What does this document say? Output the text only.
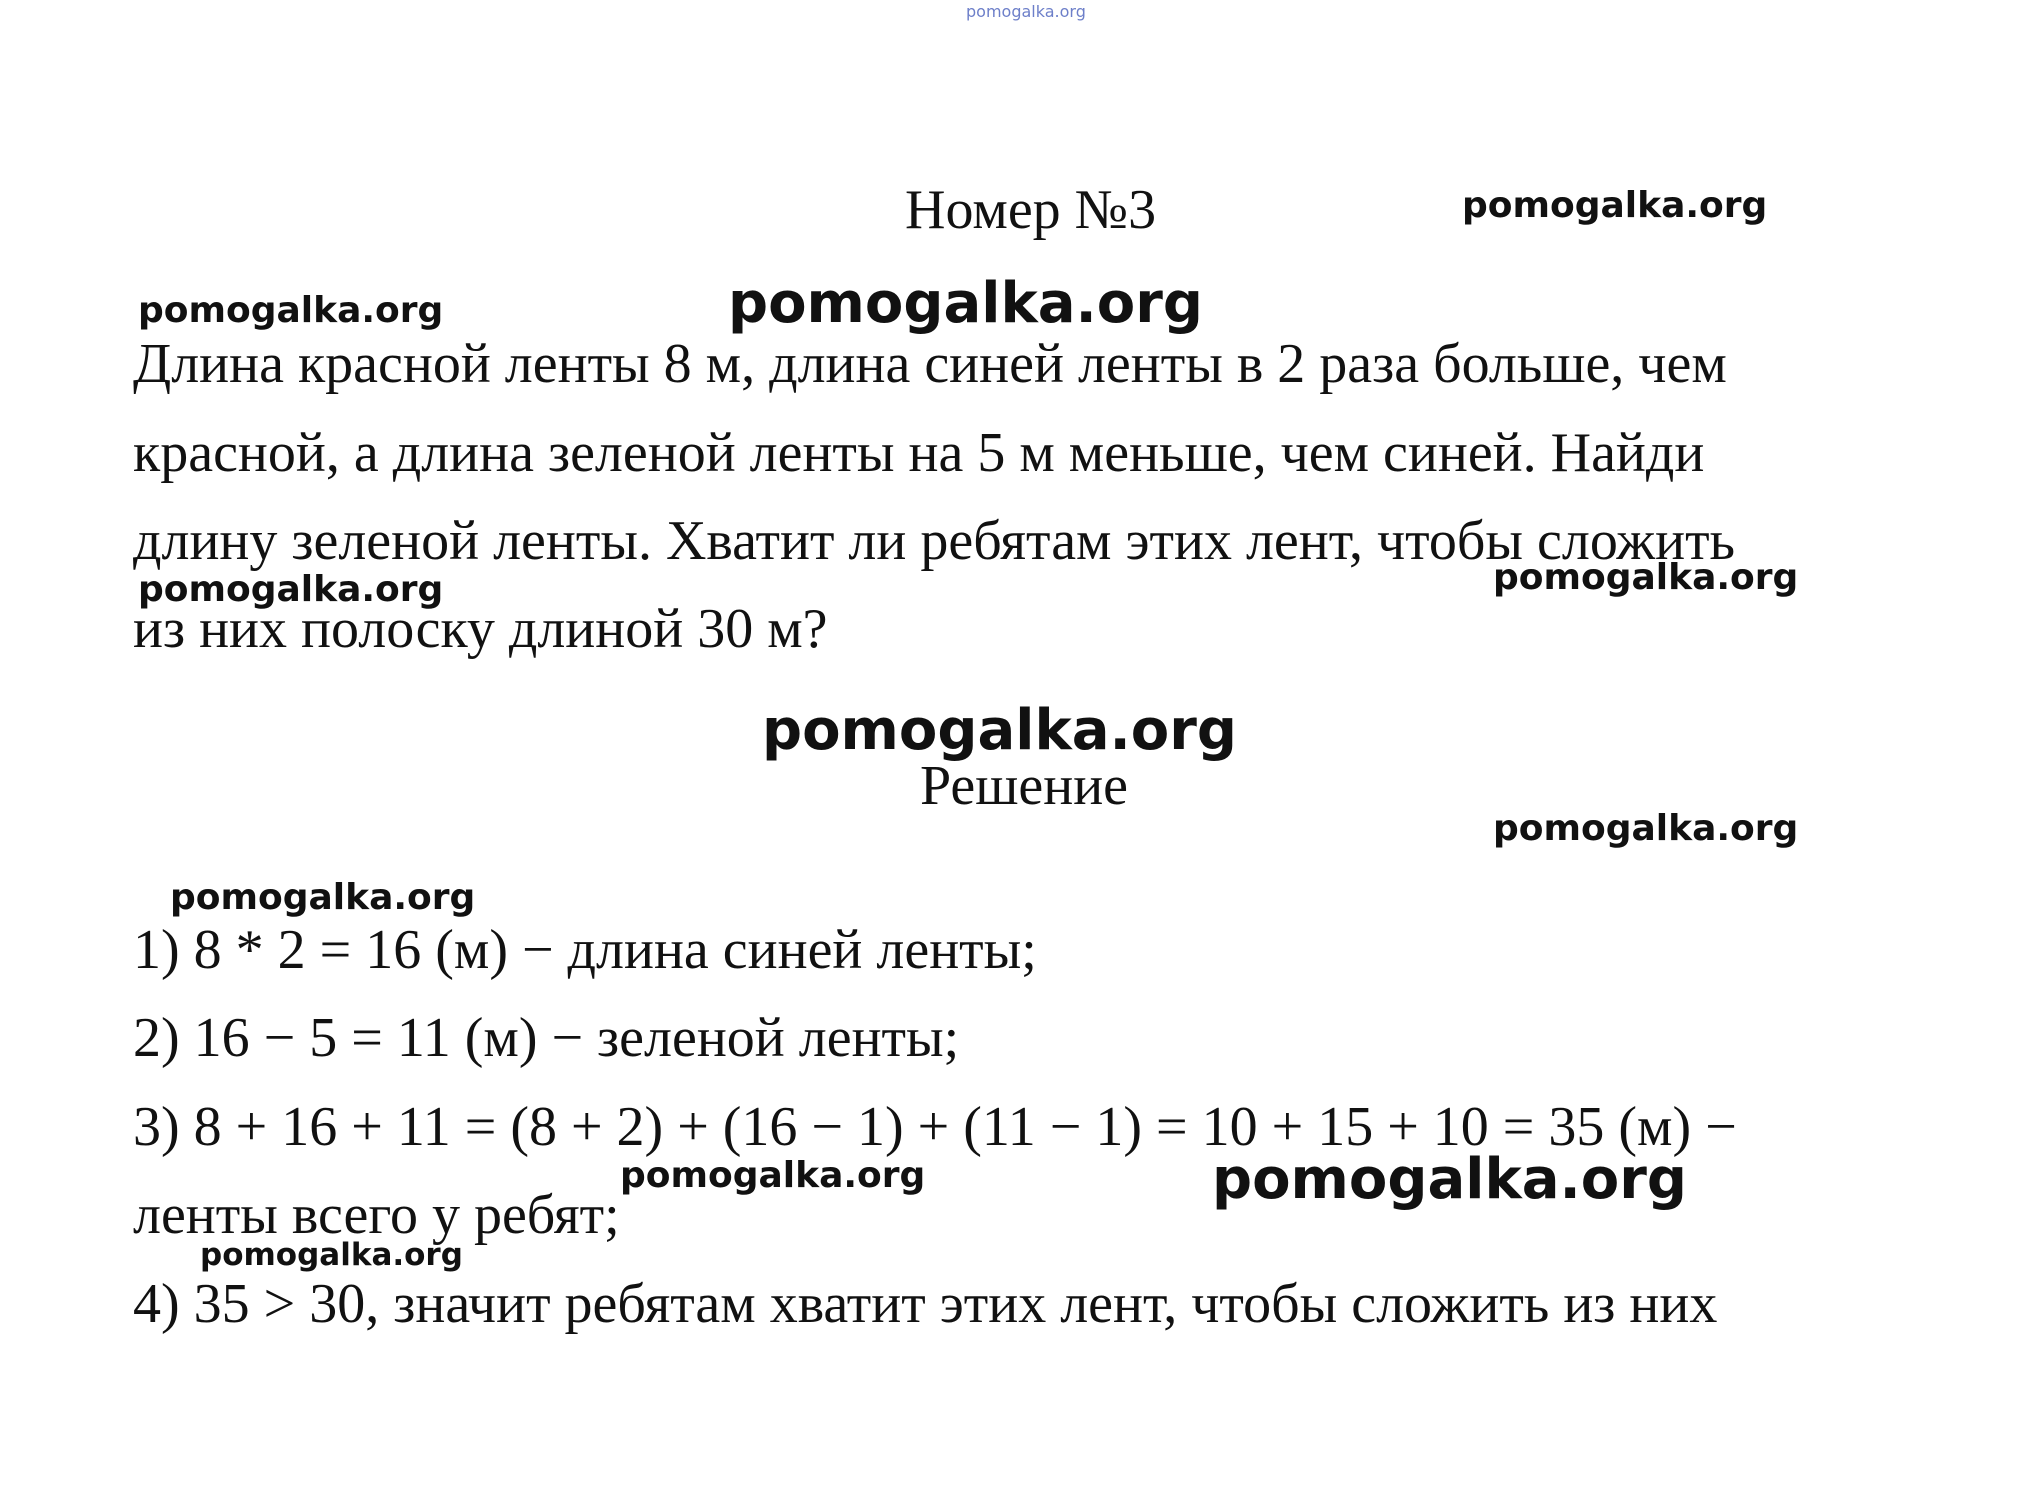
pomogalka.org
pomogalka.org
pomogalka.org	pomogalka.org
pomogalka.org	pomogalka.org
pomogalka.org
pomogalka.org
pomogalka.org
pomogalka.org	pomogalka.org
pomogalka.org
Номер №3
Длина красной ленты 8 м, длина синей ленты в 2 раза больше, чем
красной, а длина зеленой ленты на 5 м меньше, чем синей. Найди
длину зеленой ленты. Хватит ли ребятам этих лент, чтобы сложить
из них полоску длиной 30 м?
Решение
1) 8 * 2 = 16 (м) − длина синей ленты;
2) 16 − 5 = 11 (м) − зеленой ленты;
3) 8 + 16 + 11 = (8 + 2) + (16 − 1) + (11 − 1) = 10 + 15 + 10 = 35 (м) −
ленты всего у ребят;
4) 35 > 30, значит ребятам хватит этих лент, чтобы сложить из них
